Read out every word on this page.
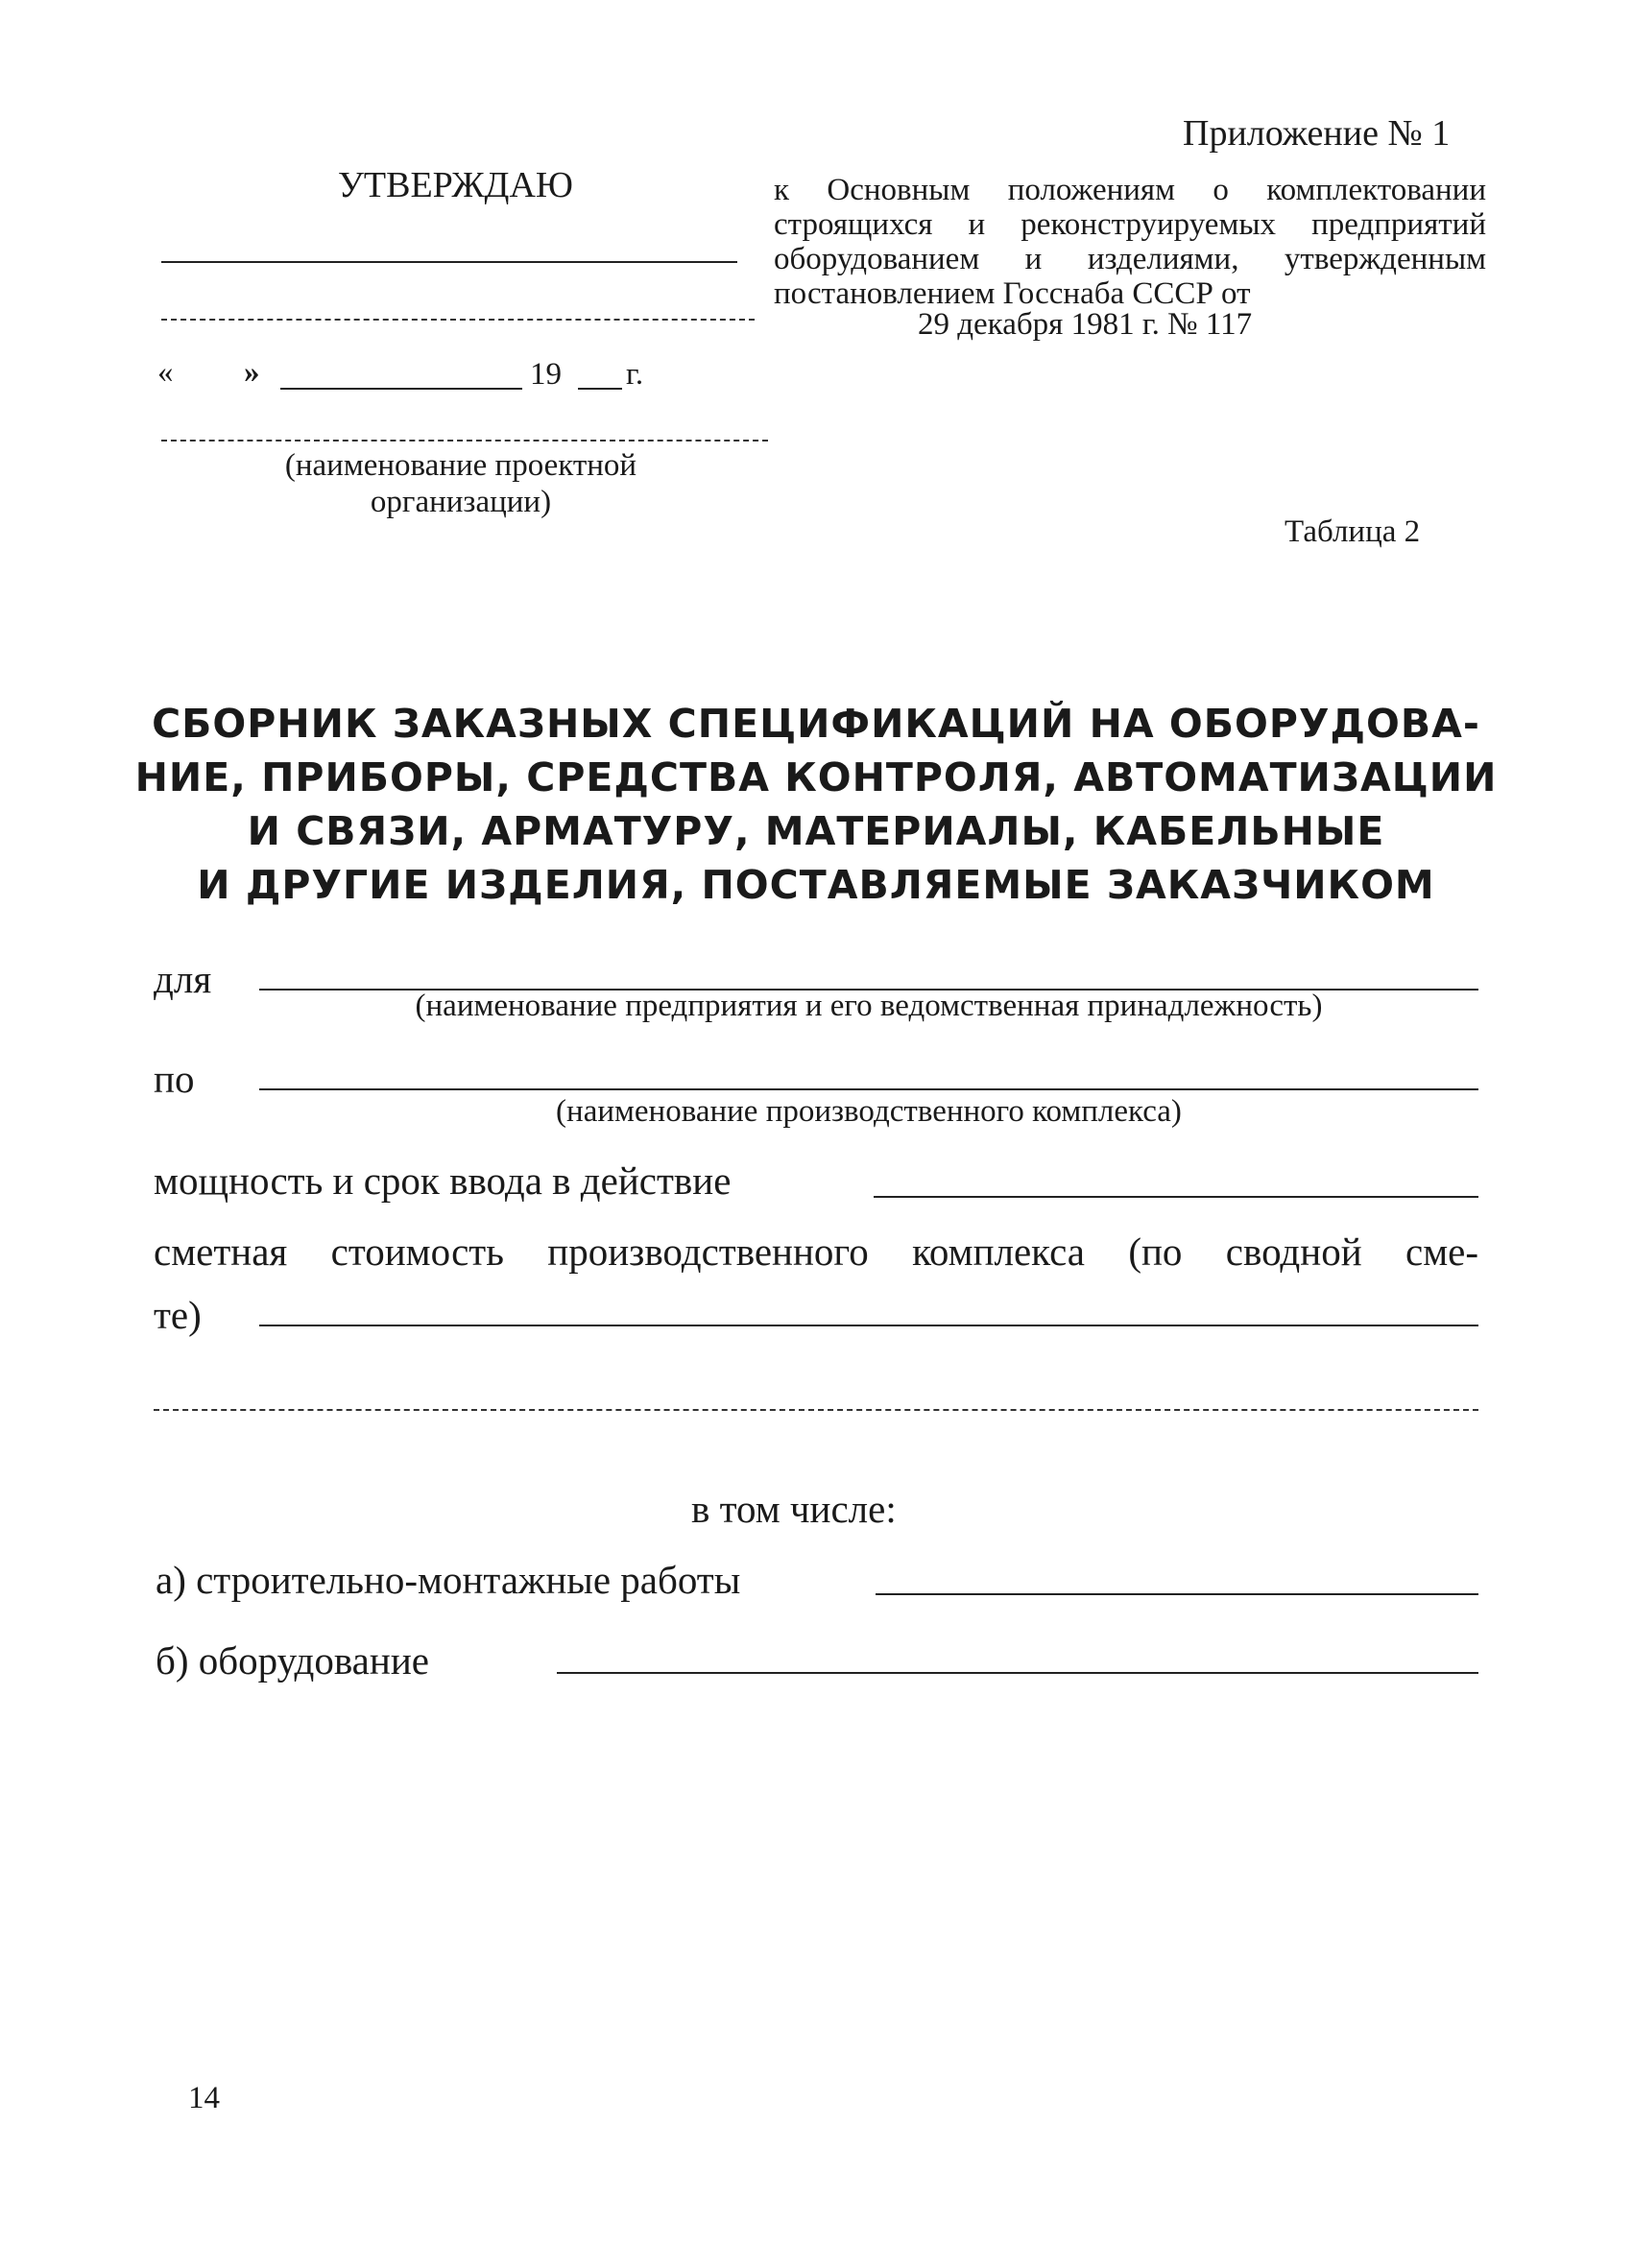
Приложение № 1
УТВЕРЖДАЮ
« »	19 г.
(наименование проектной организации)
к Основным положениям о комплектовании строящихся и реконструируемых предприятий оборудованием и изделиями, утвержденным постановлением Госснаба СССР от
29 декабря 1981 г. № 117
Таблица 2
СБОРНИК ЗАКАЗНЫХ СПЕЦИФИКАЦИЙ НА ОБОРУДОВА-
НИЕ, ПРИБОРЫ, СРЕДСТВА КОНТРОЛЯ, АВТОМАТИЗАЦИИ
И СВЯЗИ, АРМАТУРУ, МАТЕРИАЛЫ, КАБЕЛЬНЫЕ
И ДРУГИЕ ИЗДЕЛИЯ, ПОСТАВЛЯЕМЫЕ ЗАКАЗЧИКОМ
для
(наименование предприятия и его ведомственная принадлежность)
по
(наименование производственного комплекса)
мощность и срок ввода в действие
сметная стоимость производственного комплекса (по сводной сме-
те)
в том числе:
а) строительно-монтажные работы
б) оборудование
14
